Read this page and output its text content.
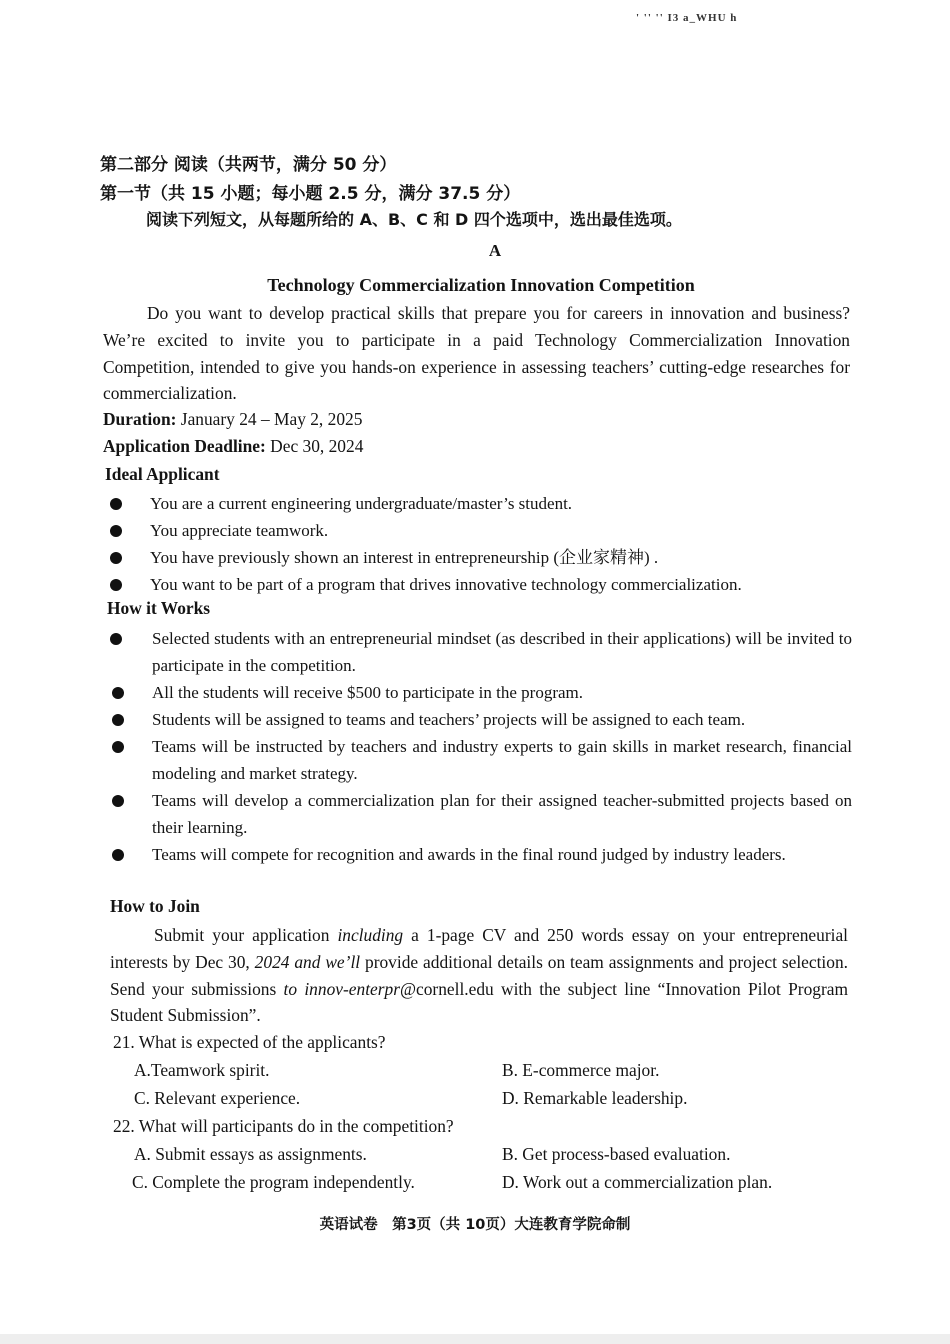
' '' '' I3 a_WHU h
第二部分 阅读（共两节，满分 50 分）
第一节（共 15 小题；每小题 2.5 分，满分 37.5 分）
阅读下列短文，从每题所给的 A、B、C 和 D 四个选项中，选出最佳选项。
A
Technology Commercialization Innovation Competition
Do you want to develop practical skills that prepare you for careers in innovation and business? We’re excited to invite you to participate in a paid Technology Commercialization Innovation Competition, intended to give you hands-on experience in assessing teachers’ cutting-edge researches for commercialization.
Duration: January 24 – May 2, 2025
Application Deadline: Dec 30, 2024
Ideal Applicant
You are a current engineering undergraduate/master’s student.
You appreciate teamwork.
You have previously shown an interest in entrepreneurship (企业家精神) .
You want to be part of a program that drives innovative technology commercialization.
How it Works
Selected students with an entrepreneurial mindset (as described in their applications) will be invited to participate in the competition.
All the students will receive $500 to participate in the program.
Students will be assigned to teams and teachers’ projects will be assigned to each team.
Teams will be instructed by teachers and industry experts to gain skills in market research, financial modeling and market strategy.
Teams will develop a commercialization plan for their assigned teacher-submitted projects based on their learning.
Teams will compete for recognition and awards in the final round judged by industry leaders.
How to Join
Submit your application including a 1-page CV and 250 words essay on your entrepreneurial interests by Dec 30, 2024 and we’ll provide additional details on team assignments and project selection. Send your submissions to innov-enterpr@cornell.edu with the subject line “Innovation Pilot Program Student Submission”.
21. What is expected of the applicants?
A.Teamwork spirit.	B. E-commerce major.
C. Relevant experience.	D. Remarkable leadership.
22. What will participants do in the competition?
A. Submit essays as assignments.	B. Get process-based evaluation.
C. Complete the program independently.	D. Work out a commercialization plan.
英语试卷　第3页（共 10页）大连教育学院命制
